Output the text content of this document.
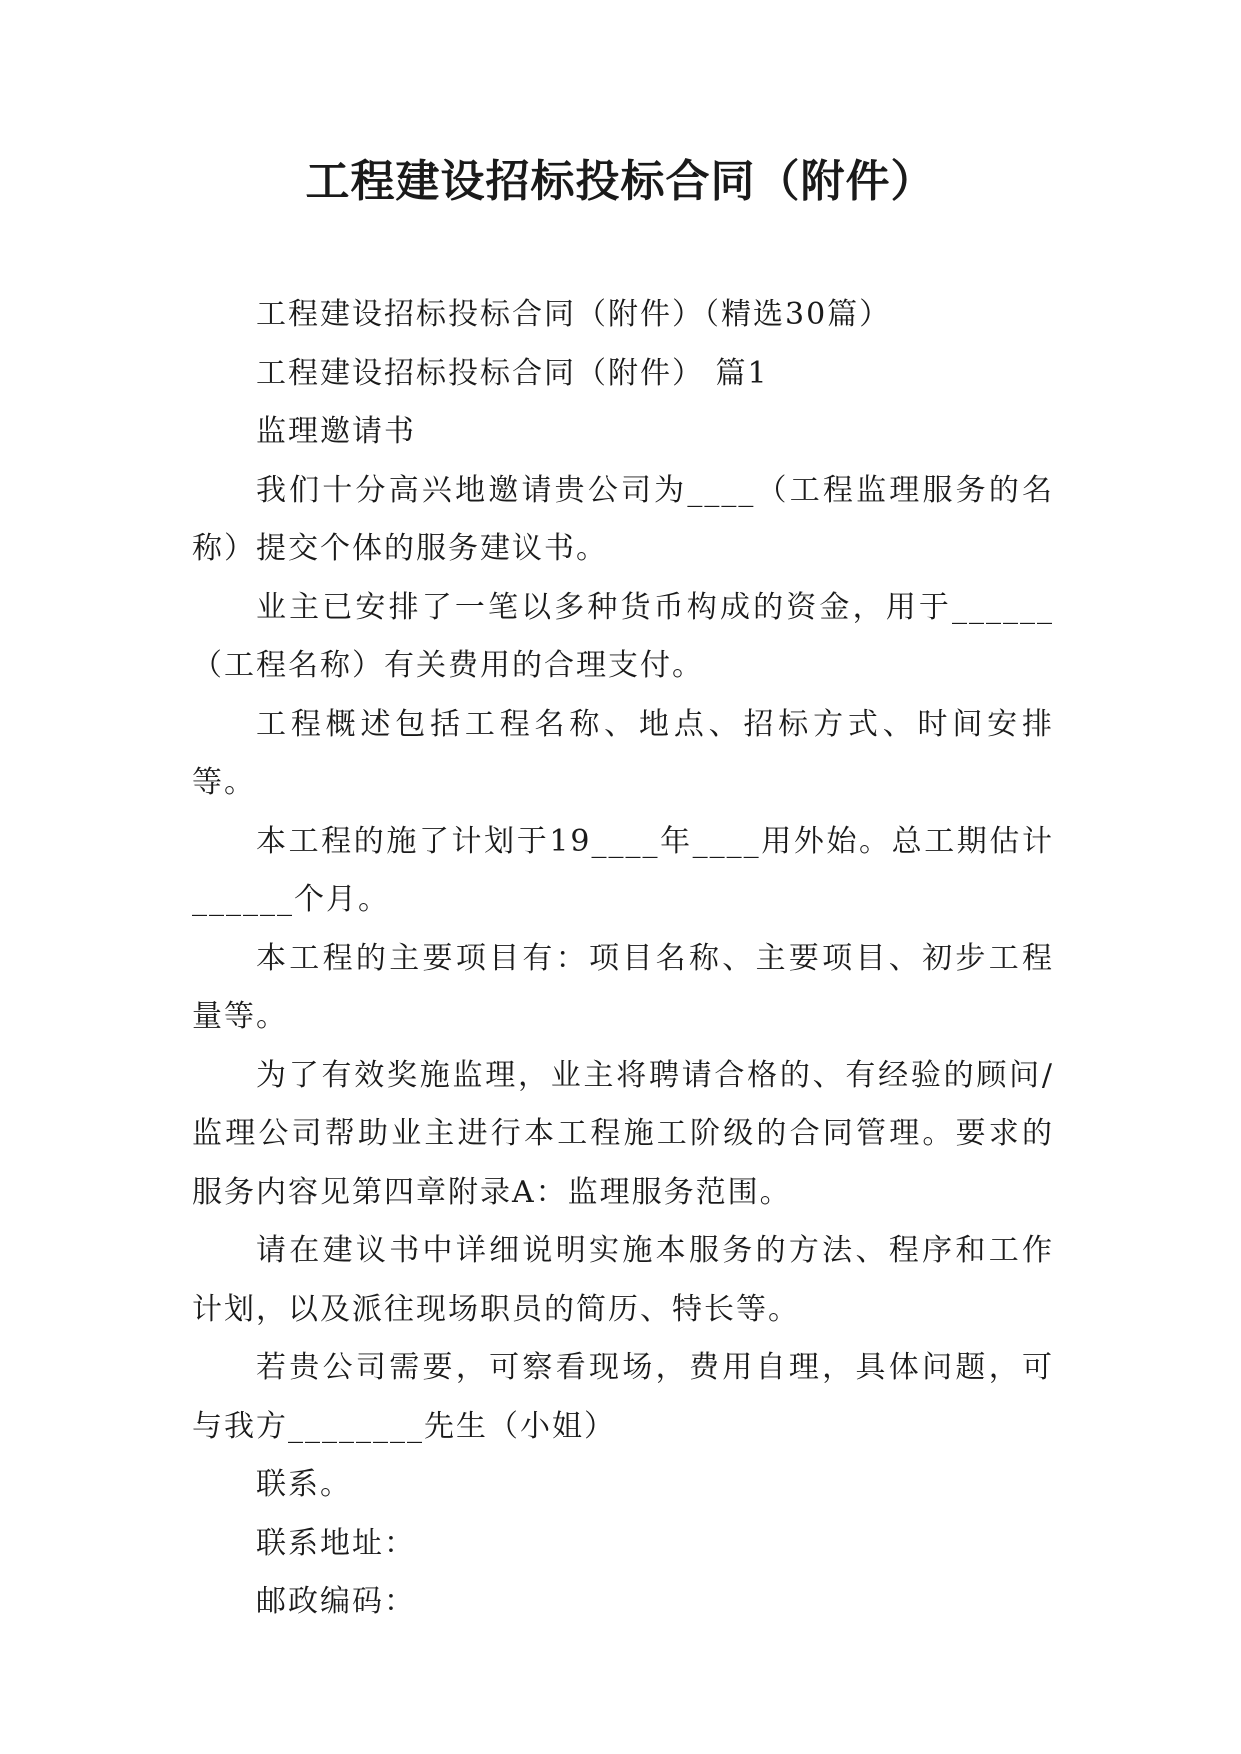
工程建设招标投标合同（附件）

工程建设招标投标合同（附件）（精选30篇）

工程建设招标投标合同（附件） 篇1

监理邀请书

我们十分高兴地邀请贵公司为____（工程监理服务的名称）提交个体的服务建议书。

业主已安排了一笔以多种货币构成的资金，用于______（工程名称）有关费用的合理支付。

工程概述包括工程名称、地点、招标方式、时间安排等。

本工程的施了计划于19____年____用外始。总工期估计______个月。

本工程的主要项目有：项目名称、主要项目、初步工程量等。

为了有效奖施监理，业主将聘请合格的、有经验的顾问/监理公司帮助业主进行本工程施工阶级的合同管理。要求的服务内容见第四章附录A：监理服务范围。

请在建议书中详细说明实施本服务的方法、程序和工作计划，以及派往现场职员的简历、特长等。

若贵公司需要，可察看现场，费用自理，具体问题，可与我方________先生（小姐）

联系。

联系地址：

邮政编码：
